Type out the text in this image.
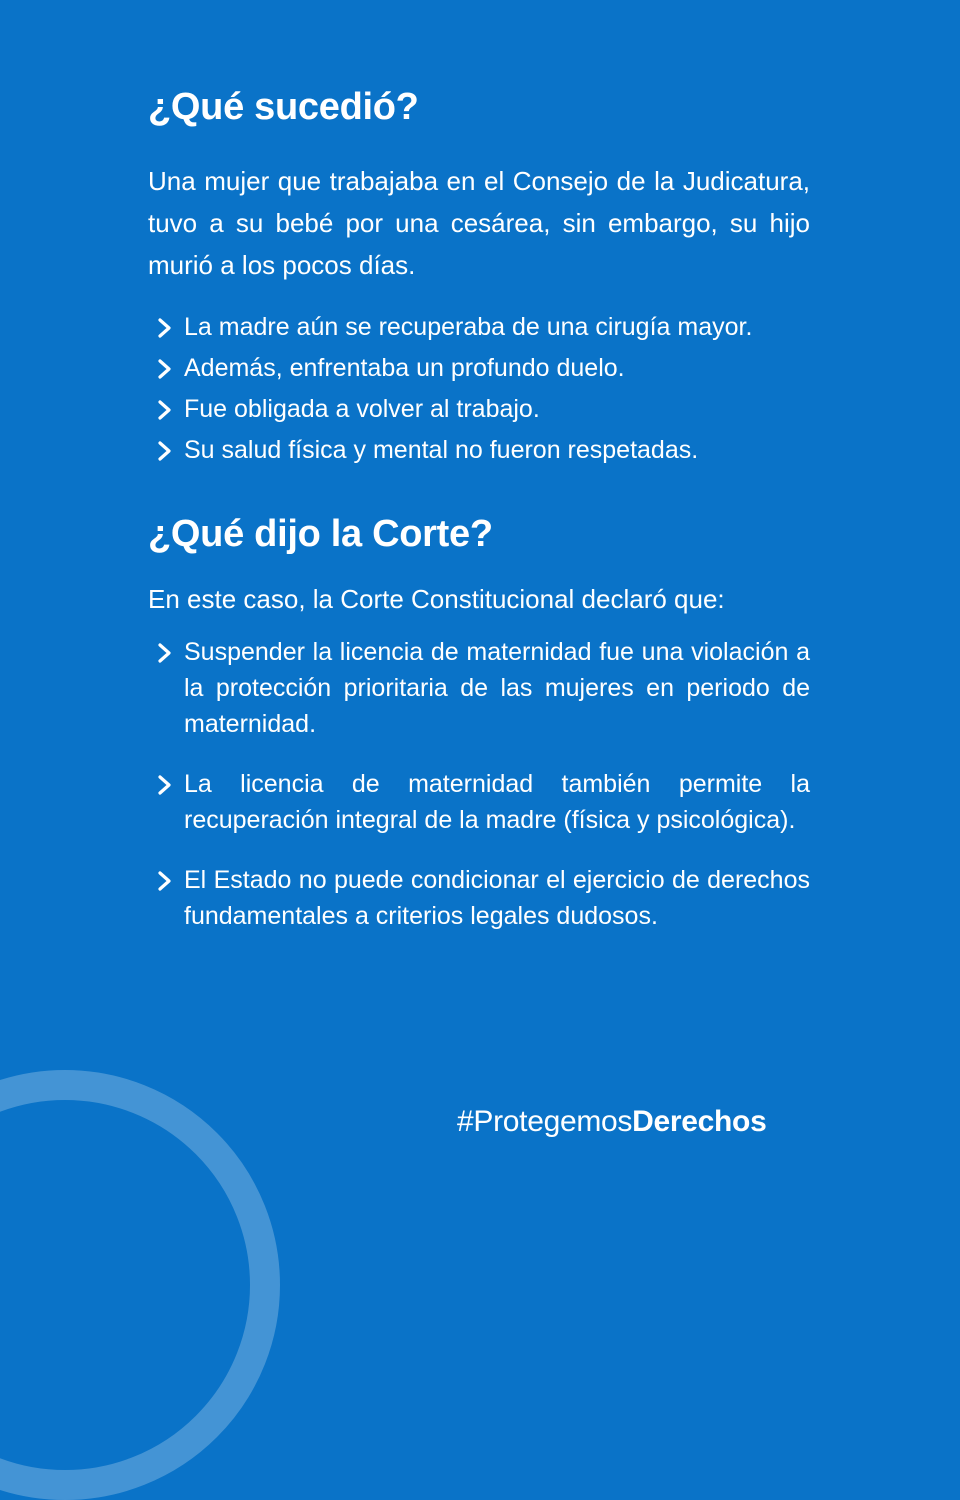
¿Qué sucedió?

Una mujer que trabajaba en el Consejo de la Judicatura, tuvo a su bebé por una cesárea, sin embargo, su hijo murió a los pocos días.

La madre aún se recuperaba de una cirugía mayor.
Además, enfrentaba un profundo duelo.
Fue obligada a volver al trabajo.
Su salud física y mental no fueron respetadas.
¿Qué dijo la Corte?

En este caso, la Corte Constitucional declaró que:

Suspender la licencia de maternidad fue una violación a la protección prioritaria de las mujeres en periodo de maternidad.
La licencia de maternidad también permite la recuperación integral de la madre (física y psicológica).
El Estado no puede condicionar el ejercicio de derechos fundamentales a criterios legales dudosos.
#ProtegemosDerechos
